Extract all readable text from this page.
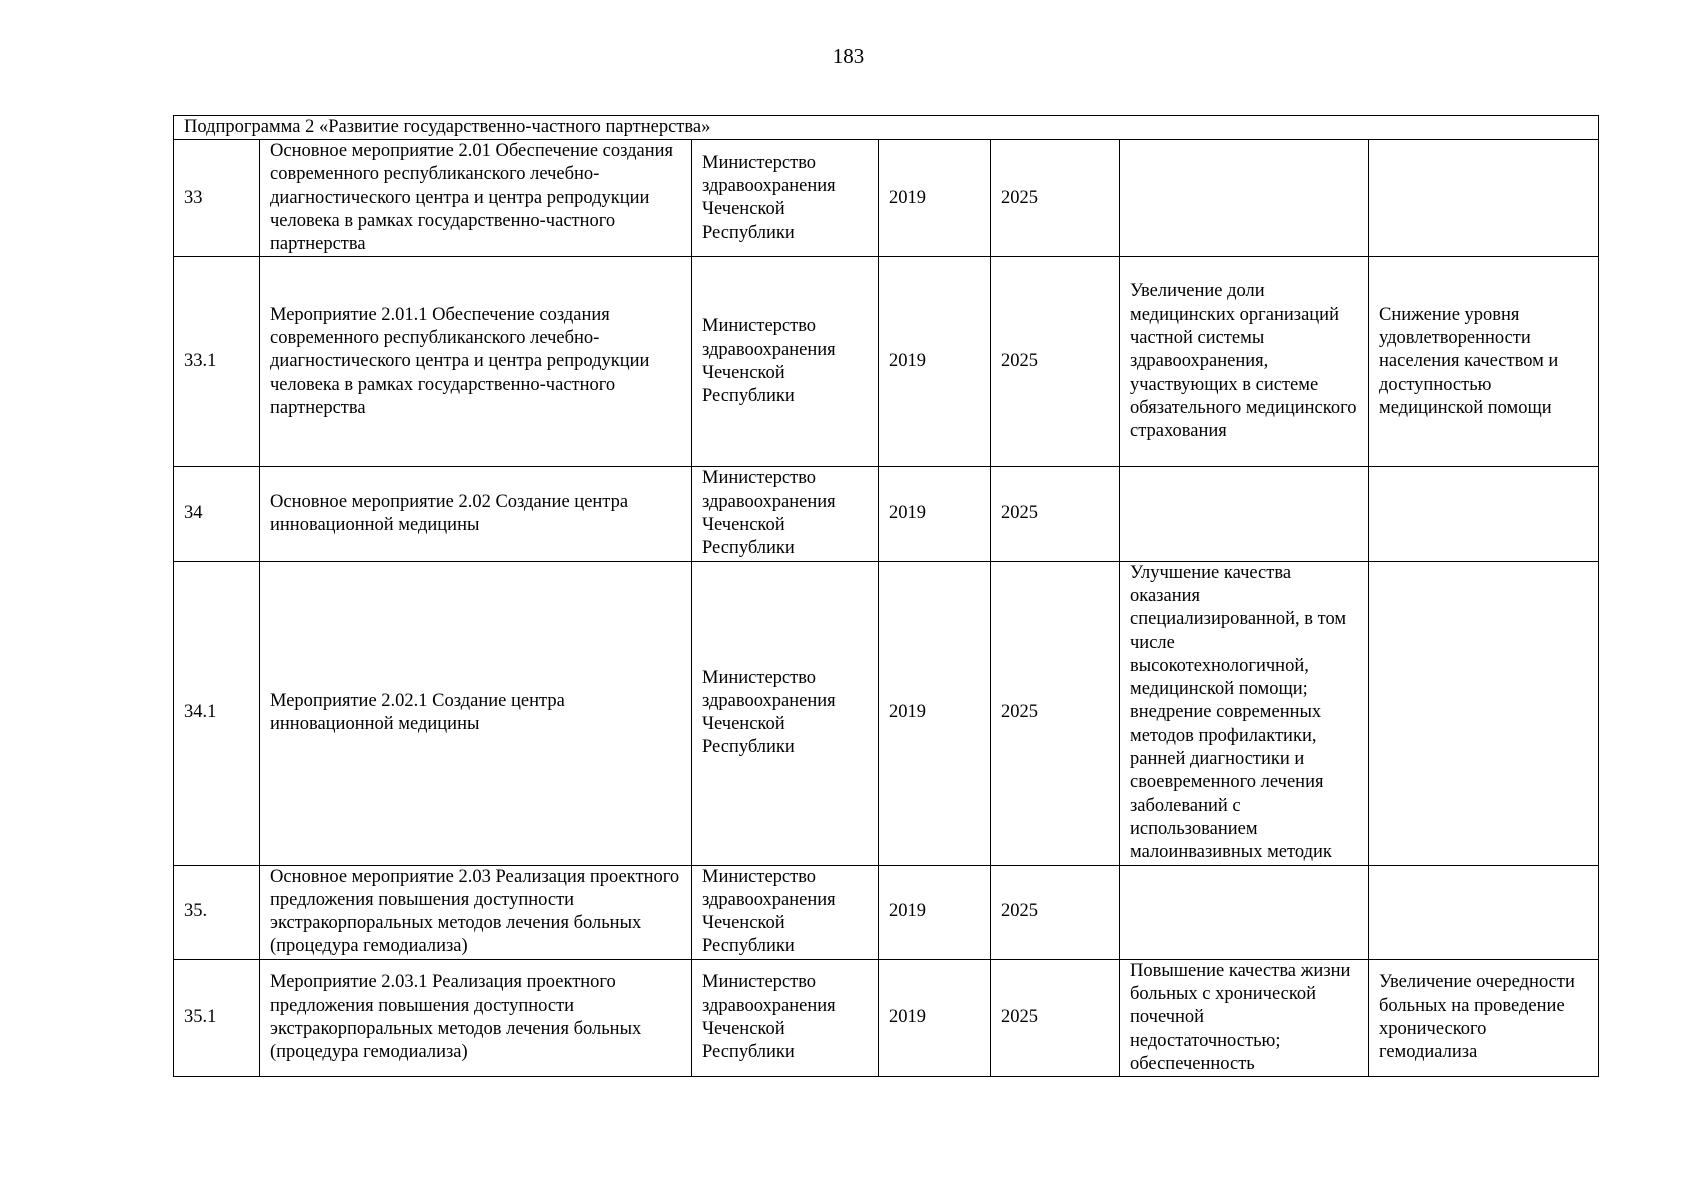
183
Подпрограмма 2 «Развитие государственно-частного партнерства»						
33	Основное мероприятие 2.01 Обеспечение создания современного республиканского лечебно-диагностического центра и центра репродукции человека в рамках государственно-частного партнерства	Министерство здравоохранения Чеченской Республики	2019	2025		
33.1	Мероприятие 2.01.1 Обеспечение создания современного республиканского лечебно-диагностического центра и центра репродукции человека в рамках государственно-частного партнерства	Министерство здравоохранения Чеченской Республики	2019	2025	Увеличение доли медицинских организаций частной системы здравоохранения, участвующих в системе обязательного медицинского страхования	Снижение уровня удовлетворенности населения качеством и доступностью медицинской помощи
34	Основное мероприятие 2.02 Создание центра инновационной медицины	Министерство здравоохранения Чеченской Республики	2019	2025		
34.1	Мероприятие 2.02.1 Создание центра инновационной медицины	Министерство здравоохранения Чеченской Республики	2019	2025	Улучшение качества оказания специализированной, в том числе высокотехнологичной, медицинской помощи; внедрение современных методов профилактики, ранней диагностики и своевременного лечения заболеваний с использованием малоинвазивных методик	
35.	Основное мероприятие 2.03 Реализация проектного предложения повышения доступности экстракорпоральных методов лечения больных (процедура гемодиализа)	Министерство здравоохранения Чеченской Республики	2019	2025		
35.1	Мероприятие 2.03.1 Реализация проектного предложения повышения доступности экстракорпоральных методов лечения больных (процедура гемодиализа)	Министерство здравоохранения Чеченской Республики	2019	2025	Повышение качества жизни больных с хронической почечной недостаточностью; обеспеченность	Увеличение очередности больных на проведение хронического гемодиализа
